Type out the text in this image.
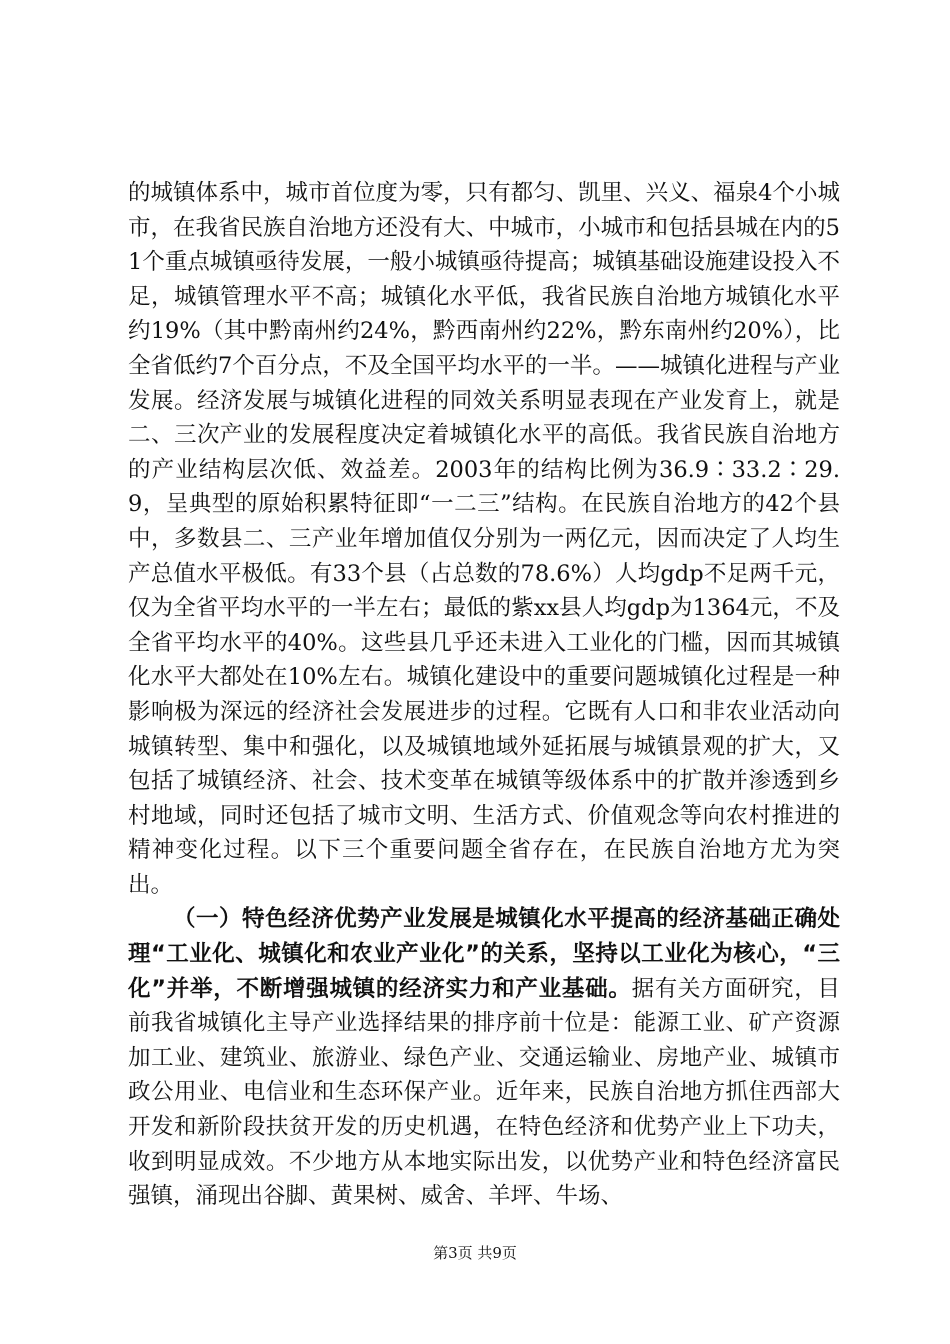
的城镇体系中，城市首位度为零，只有都匀、凯里、兴义、福泉4个小城市，在我省民族自治地方还没有大、中城市，小城市和包括县城在内的51个重点城镇亟待发展，一般小城镇亟待提高；城镇基础设施建设投入不足，城镇管理水平不高；城镇化水平低，我省民族自治地方城镇化水平约19%（其中黔南州约24%，黔西南州约22%，黔东南州约20%），比全省低约7个百分点，不及全国平均水平的一半。——城镇化进程与产业发展。经济发展与城镇化进程的同效关系明显表现在产业发育上，就是二、三次产业的发展程度决定着城镇化水平的高低。我省民族自治地方的产业结构层次低、效益差。2003年的结构比例为36.9∶33.2∶29.9，呈典型的原始积累特征即“一二三”结构。在民族自治地方的42个县中，多数县二、三产业年增加值仅分别为一两亿元，因而决定了人均生产总值水平极低。有33个县（占总数的78.6%）人均gdp不足两千元，仅为全省平均水平的一半左右；最低的紫xx县人均gdp为1364元，不及全省平均水平的40%。这些县几乎还未进入工业化的门槛，因而其城镇化水平大都处在10%左右。城镇化建设中的重要问题城镇化过程是一种影响极为深远的经济社会发展进步的过程。它既有人口和非农业活动向城镇转型、集中和强化，以及城镇地域外延拓展与城镇景观的扩大，又包括了城镇经济、社会、技术变革在城镇等级体系中的扩散并渗透到乡村地域，同时还包括了城市文明、生活方式、价值观念等向农村推进的精神变化过程。以下三个重要问题全省存在，在民族自治地方尤为突出。

（一）特色经济优势产业发展是城镇化水平提高的经济基础正确处理“工业化、城镇化和农业产业化”的关系，坚持以工业化为核心，“三化”并举，不断增强城镇的经济实力和产业基础。据有关方面研究，目前我省城镇化主导产业选择结果的排序前十位是：能源工业、矿产资源加工业、建筑业、旅游业、绿色产业、交通运输业、房地产业、城镇市政公用业、电信业和生态环保产业。近年来，民族自治地方抓住西部大开发和新阶段扶贫开发的历史机遇，在特色经济和优势产业上下功夫，收到明显成效。不少地方从本地实际出发，以优势产业和特色经济富民强镇，涌现出谷脚、黄果树、威舍、羊坪、牛场、

第3页 共9页
